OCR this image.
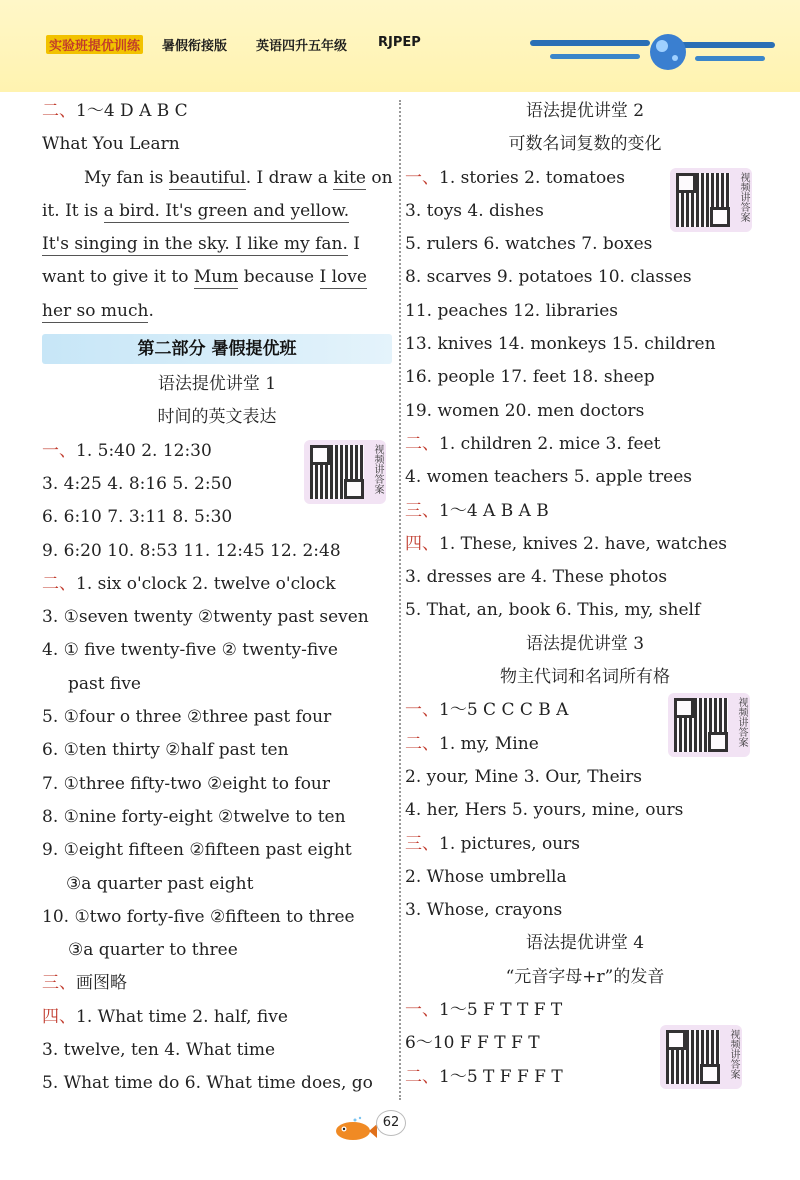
实验班提优训练 暑假衔接版 英语四升五年级 RJPEP
二、1～4 D A B C
What You Learn
My fan is beautiful. I draw a kite on
it. It is a bird. It's green and yellow.
It's singing in the sky. I like my fan. I
want to give it to Mum because I love
her so much.
第二部分 暑假提优班
语法提优讲堂 1
时间的英文表达
一、1. 5:40 2. 12:30
3. 4:25 4. 8:16 5. 2:50
6. 6:10 7. 3:11 8. 5:30
9. 6:20 10. 8:53 11. 12:45 12. 2:48
二、1. six o'clock 2. twelve o'clock
3. ①seven twenty ②twenty past seven
4. ① five twenty-five ② twenty-five
past five
5. ①four o three ②three past four
6. ①ten thirty ②half past ten
7. ①three fifty-two ②eight to four
8. ①nine forty-eight ②twelve to ten
9. ①eight fifteen ②fifteen past eight
③a quarter past eight
10. ①two forty-five ②fifteen to three
③a quarter to three
三、画图略
四、1. What time 2. half, five
3. twelve, ten 4. What time
5. What time do 6. What time does, go
语法提优讲堂 2
可数名词复数的变化
一、1. stories 2. tomatoes
3. toys 4. dishes
5. rulers 6. watches 7. boxes
8. scarves 9. potatoes 10. classes
11. peaches 12. libraries
13. knives 14. monkeys 15. children
16. people 17. feet 18. sheep
19. women 20. men doctors
二、1. children 2. mice 3. feet
4. women teachers 5. apple trees
三、1～4 A B A B
四、1. These, knives 2. have, watches
3. dresses are 4. These photos
5. That, an, book 6. This, my, shelf
语法提优讲堂 3
物主代词和名词所有格
一、1～5 C C C B A
二、1. my, Mine
2. your, Mine 3. Our, Theirs
4. her, Hers 5. yours, mine, ours
三、1. pictures, ours
2. Whose umbrella
3. Whose, crayons
语法提优讲堂 4
“元音字母+r”的发音
一、1～5 F T T F T
6～10 F F T F T
二、1～5 T F F F T
视频讲答案
视频讲答案
视频讲答案
视频讲答案
62
